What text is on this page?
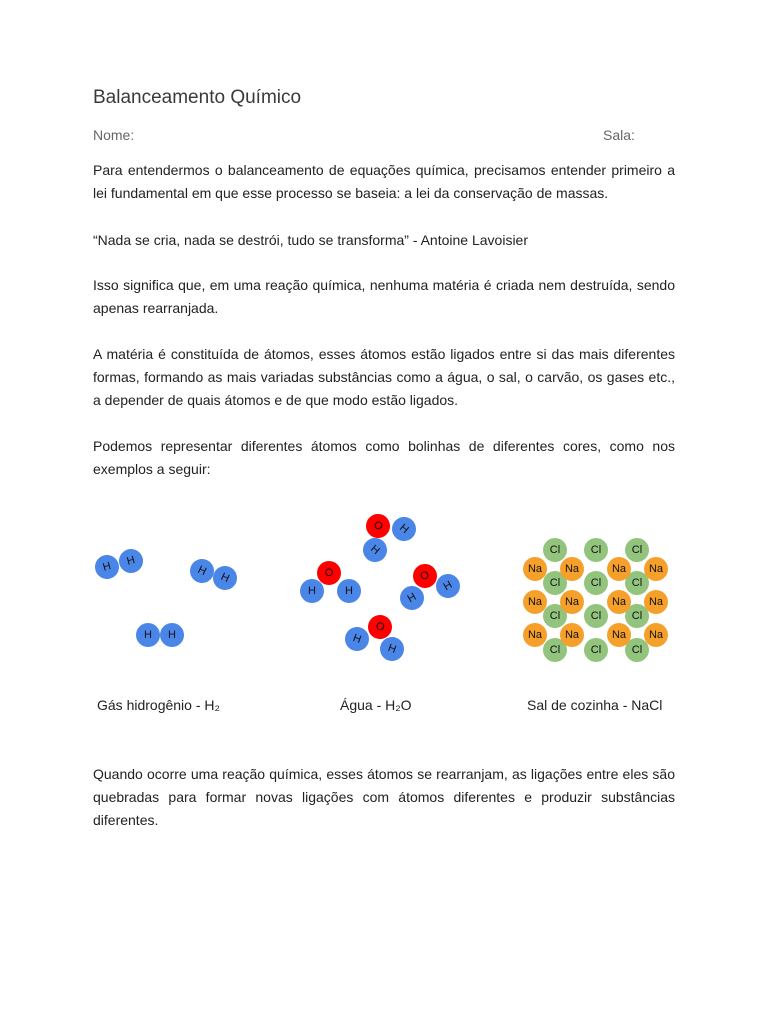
Balanceamento Químico
Nome:	Sala:

Para entendermos o balanceamento de equações química, precisamos entender primeiro a lei fundamental em que esse processo se baseia: a lei da conservação de massas.

“Nada se cria, nada se destrói, tudo se transforma” - Antoine Lavoisier

Isso significa que, em uma reação química, nenhuma matéria é criada nem destruída, sendo apenas rearranjada.

A matéria é constituída de átomos, esses átomos estão ligados entre si das mais diferentes formas, formando as mais variadas substâncias como a água, o sal, o carvão, os gases etc., a depender de quais átomos e de que modo estão ligados.

Podemos representar diferentes átomos como bolinhas de diferentes cores, como nos exemplos a seguir:

H	H
H H
H	H
O	H
H
O
H	H
O
H
H
O
H
H
Cl	Cl	Cl
Cl	Cl	Cl
Cl	Cl	Cl
Cl	Cl	Cl
Na	Na	Na	Na
Na	Na	Na	Na
Na	Na	Na	Na
Gás hidrogênio - H₂	Água - H₂O	Sal de cozinha - NaCl

Quando ocorre uma reação química, esses átomos se rearranjam, as ligações entre eles são quebradas para formar novas ligações com átomos diferentes e produzir substâncias diferentes.
